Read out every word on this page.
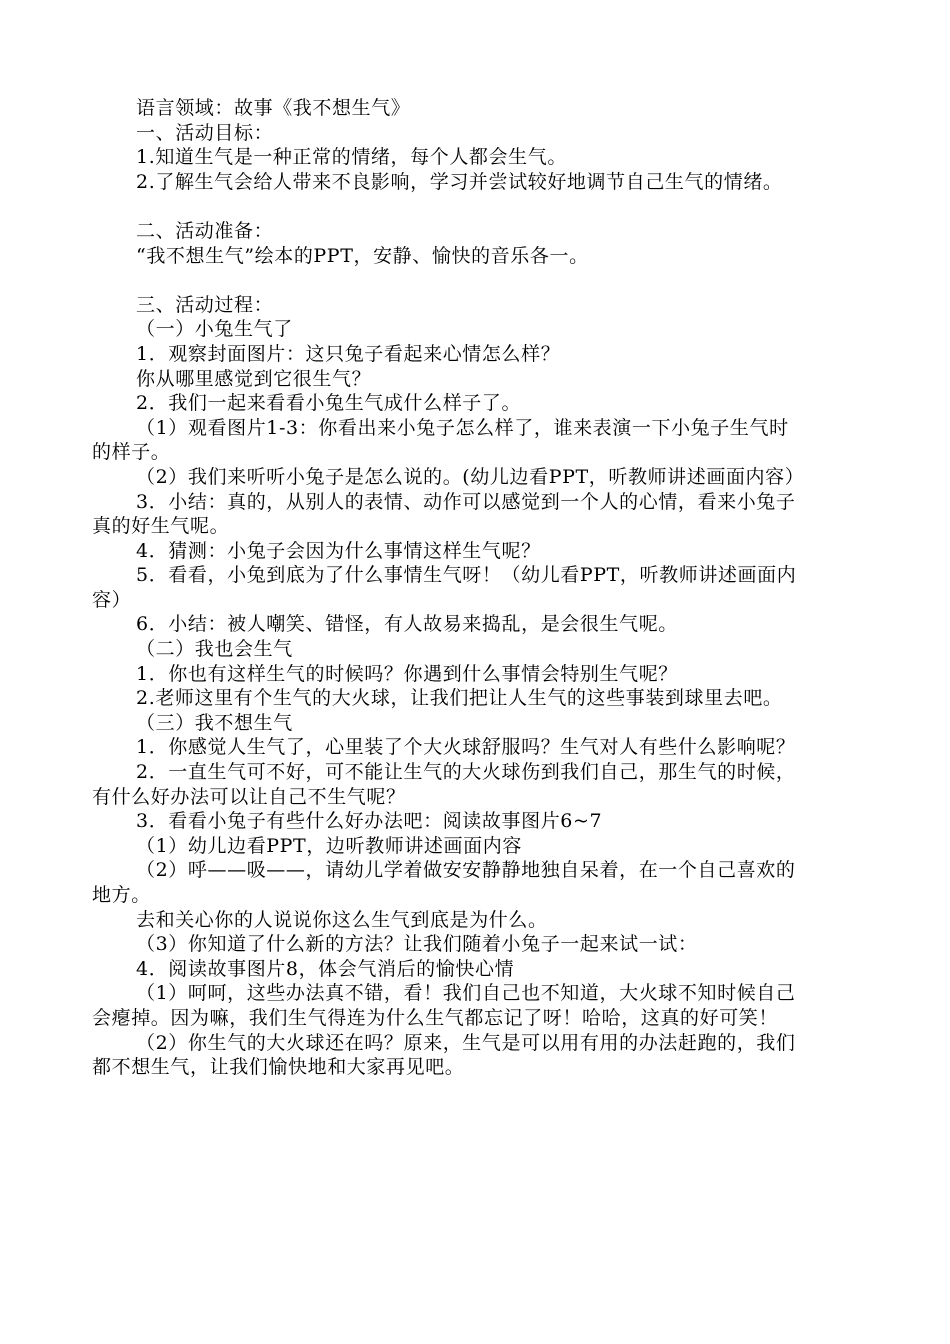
语言领域：故事《我不想生气》
一、活动目标：
1.知道生气是一种正常的情绪，每个人都会生气。
2.了解生气会给人带来不良影响，学习并尝试较好地调节自己生气的情绪。
二、活动准备：
“我不想生气”绘本的PPT，安静、愉快的音乐各一。
三、活动过程：
（一）小兔生气了
1．观察封面图片：这只兔子看起来心情怎么样？
你从哪里感觉到它很生气？
2．我们一起来看看小兔生气成什么样子了。
（1）观看图片1-3：你看出来小兔子怎么样了，谁来表演一下小兔子生气时
的样子。
（2）我们来听听小兔子是怎么说的。(幼儿边看PPT，听教师讲述画面内容）
3．小结：真的，从别人的表情、动作可以感觉到一个人的心情，看来小兔子
真的好生气呢。
4．猜测：小兔子会因为什么事情这样生气呢？
5．看看，小兔到底为了什么事情生气呀！（幼儿看PPT，听教师讲述画面内
容）
6．小结：被人嘲笑、错怪，有人故易来捣乱，是会很生气呢。
（二）我也会生气
1．你也有这样生气的时候吗？你遇到什么事情会特别生气呢？
2.老师这里有个生气的大火球，让我们把让人生气的这些事装到球里去吧。
（三）我不想生气
1．你感觉人生气了，心里装了个大火球舒服吗？生气对人有些什么影响呢？
2．一直生气可不好，可不能让生气的大火球伤到我们自己，那生气的时候，
有什么好办法可以让自己不生气呢？
3．看看小兔子有些什么好办法吧：阅读故事图片6~7
（1）幼儿边看PPT，边听教师讲述画面内容
（2）呼——吸——，请幼儿学着做安安静静地独自呆着，在一个自己喜欢的
地方。
去和关心你的人说说你这么生气到底是为什么。
（3）你知道了什么新的方法？让我们随着小兔子一起来试一试：
4．阅读故事图片8，体会气消后的愉快心情
（1）呵呵，这些办法真不错，看！我们自己也不知道，大火球不知时候自己
会瘪掉。因为嘛，我们生气得连为什么生气都忘记了呀！哈哈，这真的好可笑！
（2）你生气的大火球还在吗？原来，生气是可以用有用的办法赶跑的，我们
都不想生气，让我们愉快地和大家再见吧。
